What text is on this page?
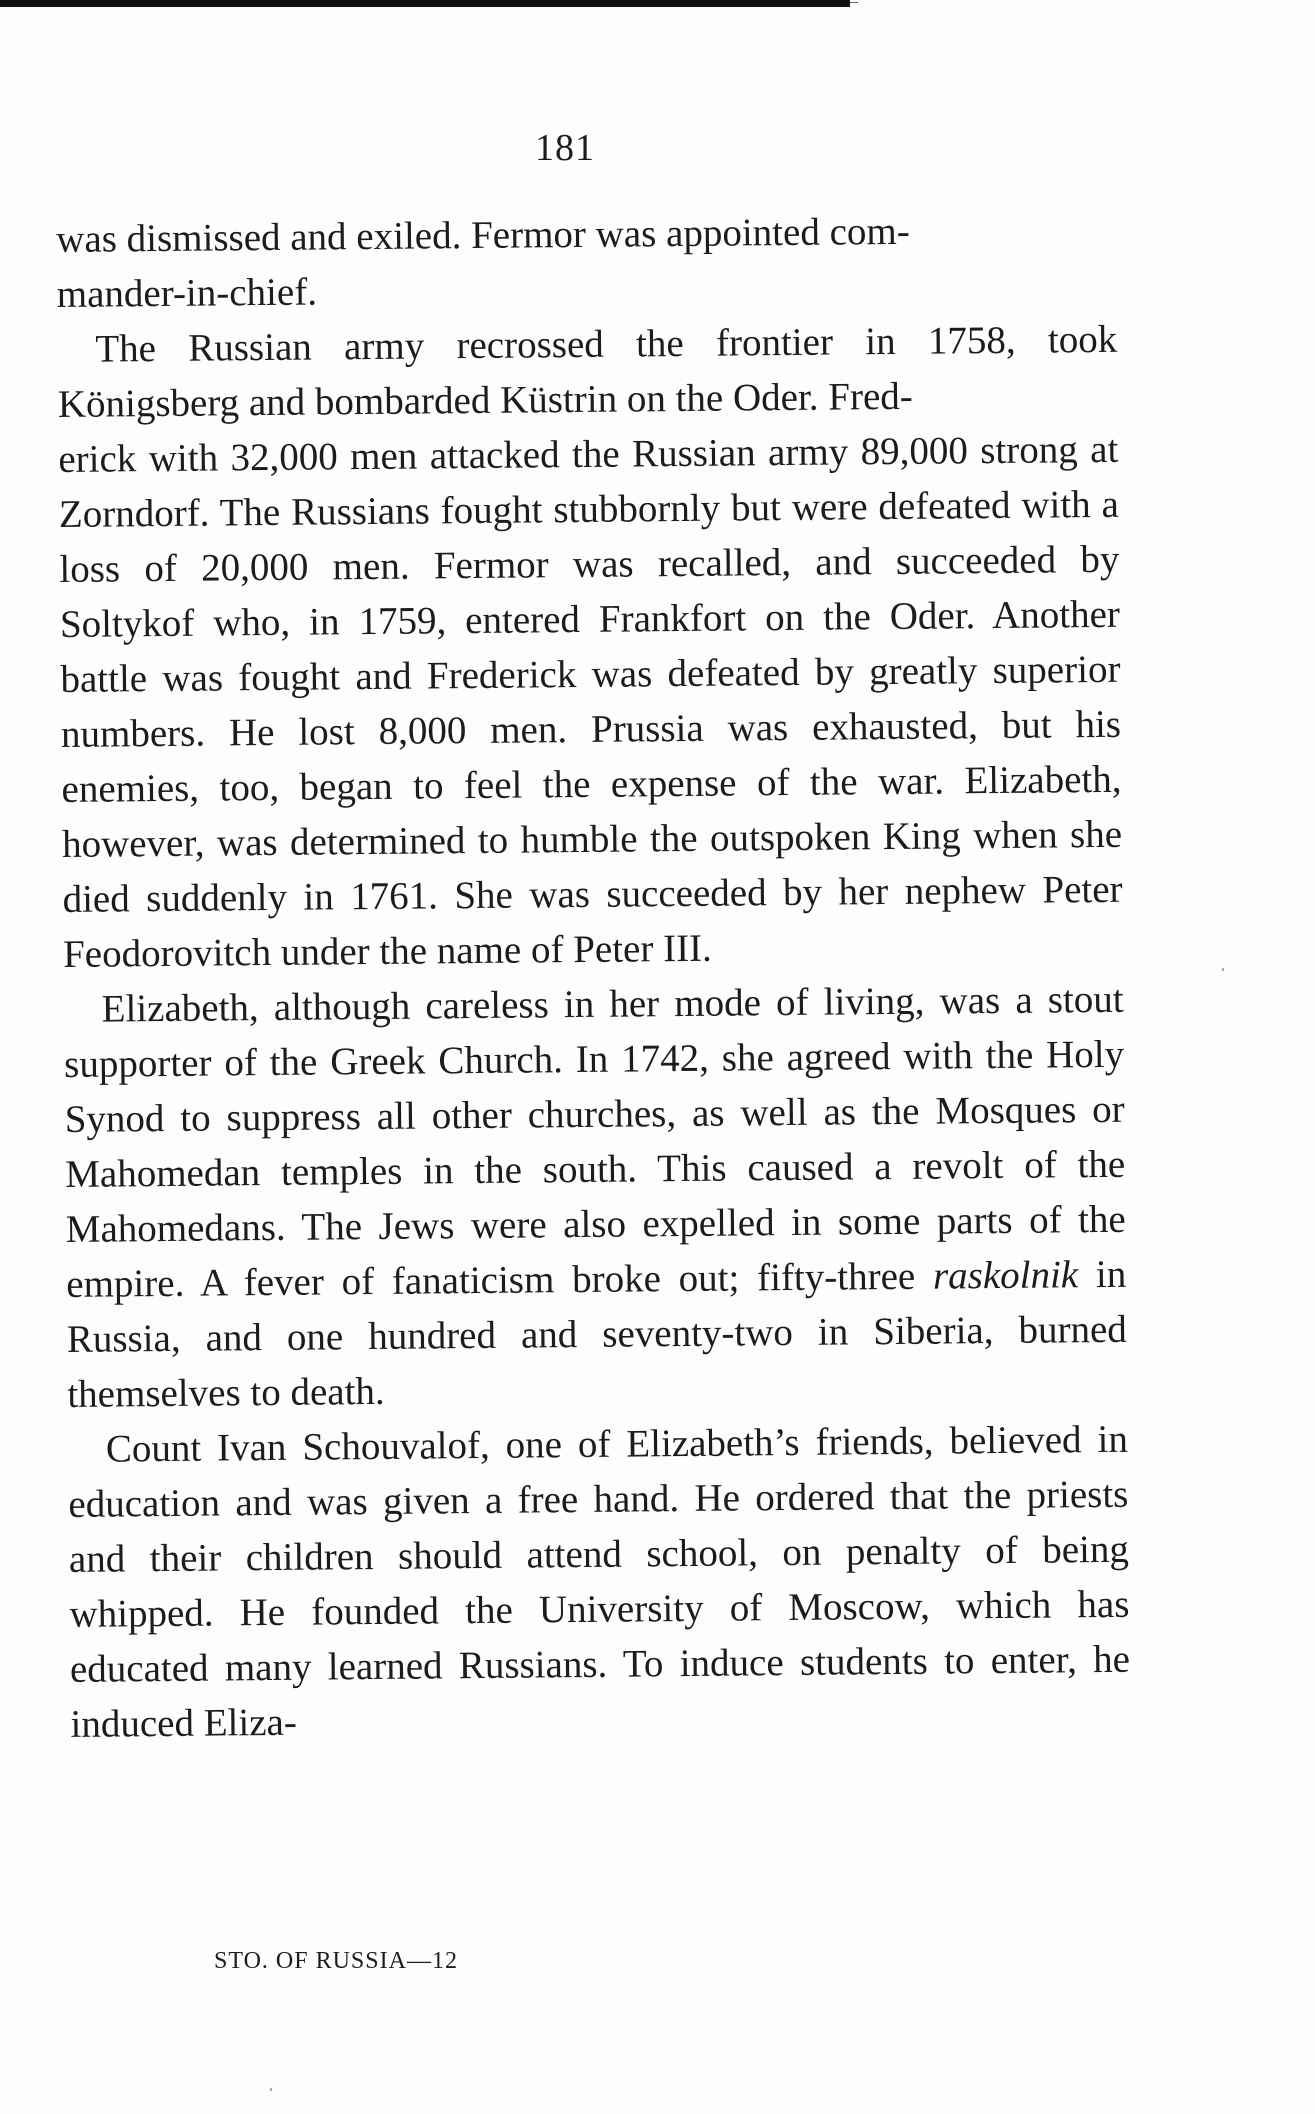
181

was dismissed and exiled. Fermor was appointed com-
mander-in-chief.

The Russian army recrossed the frontier in 1758, took Königsberg and bombarded Küstrin on the Oder. Fred-
erick with 32,000 men attacked the Russian army 89,000 strong at Zorndorf. The Russians fought stubbornly but were defeated with a loss of 20,000 men. Fermor was recalled, and succeeded by Soltykof who, in 1759, entered Frankfort on the Oder. Another battle was fought and Frederick was defeated by greatly superior numbers. He lost 8,000 men. Prussia was exhausted, but his enemies, too, began to feel the expense of the war. Elizabeth, however, was determined to humble the outspoken King when she died suddenly in 1761. She was succeeded by her nephew Peter Feodorovitch under the name of Peter III.

Elizabeth, although careless in her mode of living, was a stout supporter of the Greek Church. In 1742, she agreed with the Holy Synod to suppress all other churches, as well as the Mosques or Mahomedan temples in the south. This caused a revolt of the Mahomedans. The Jews were also expelled in some parts of the empire. A fever of fanaticism broke out; fifty-three raskolnik in Russia, and one hundred and seventy-two in Siberia, burned themselves to death.

Count Ivan Schouvalof, one of Elizabeth’s friends, believed in education and was given a free hand. He ordered that the priests and their children should attend school, on penalty of being whipped. He founded the University of Moscow, which has educated many learned Russians. To induce students to enter, he induced Eliza-

STO. OF RUSSIA—12
